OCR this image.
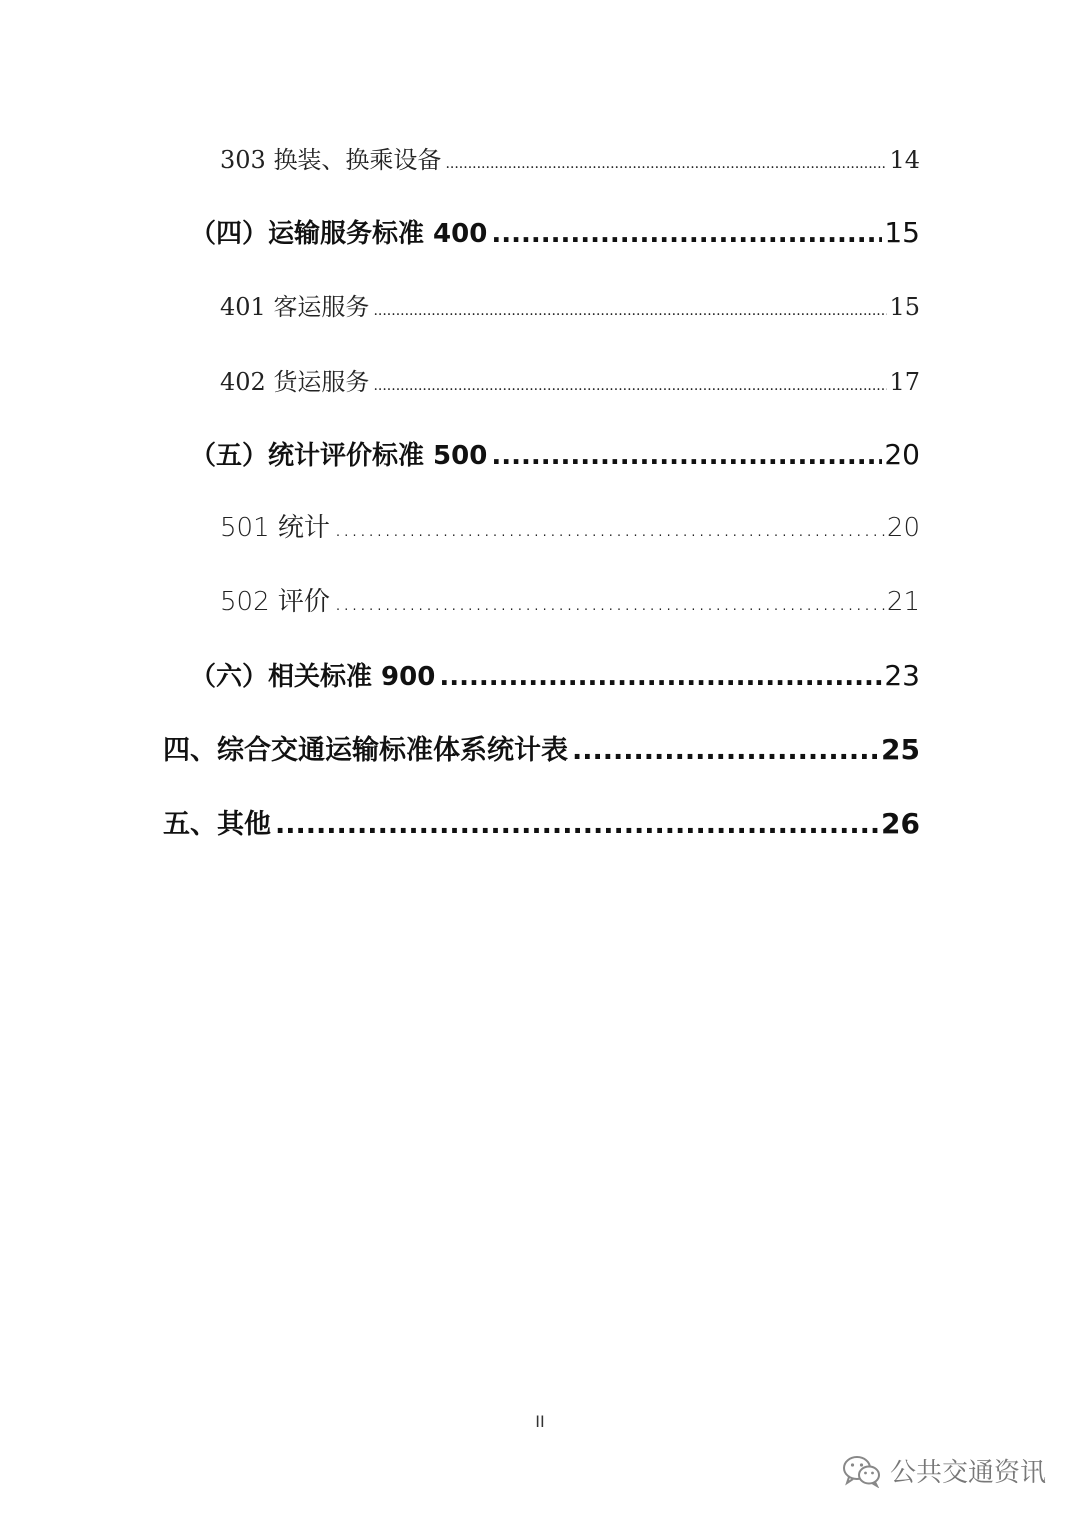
303 换装、换乘设备 .....	14
（四）运输服务标准 400 .....	15
401 客运服务 .....	15
402 货运服务 .....	17
（五）统计评价标准 500 .....	20
501 统计 .....	20
502 评价 .....	21
（六）相关标准 900 .....	23
四、综合交通运输标准体系统计表 .....	25
五、其他 .....	26
II
公共交通资讯
